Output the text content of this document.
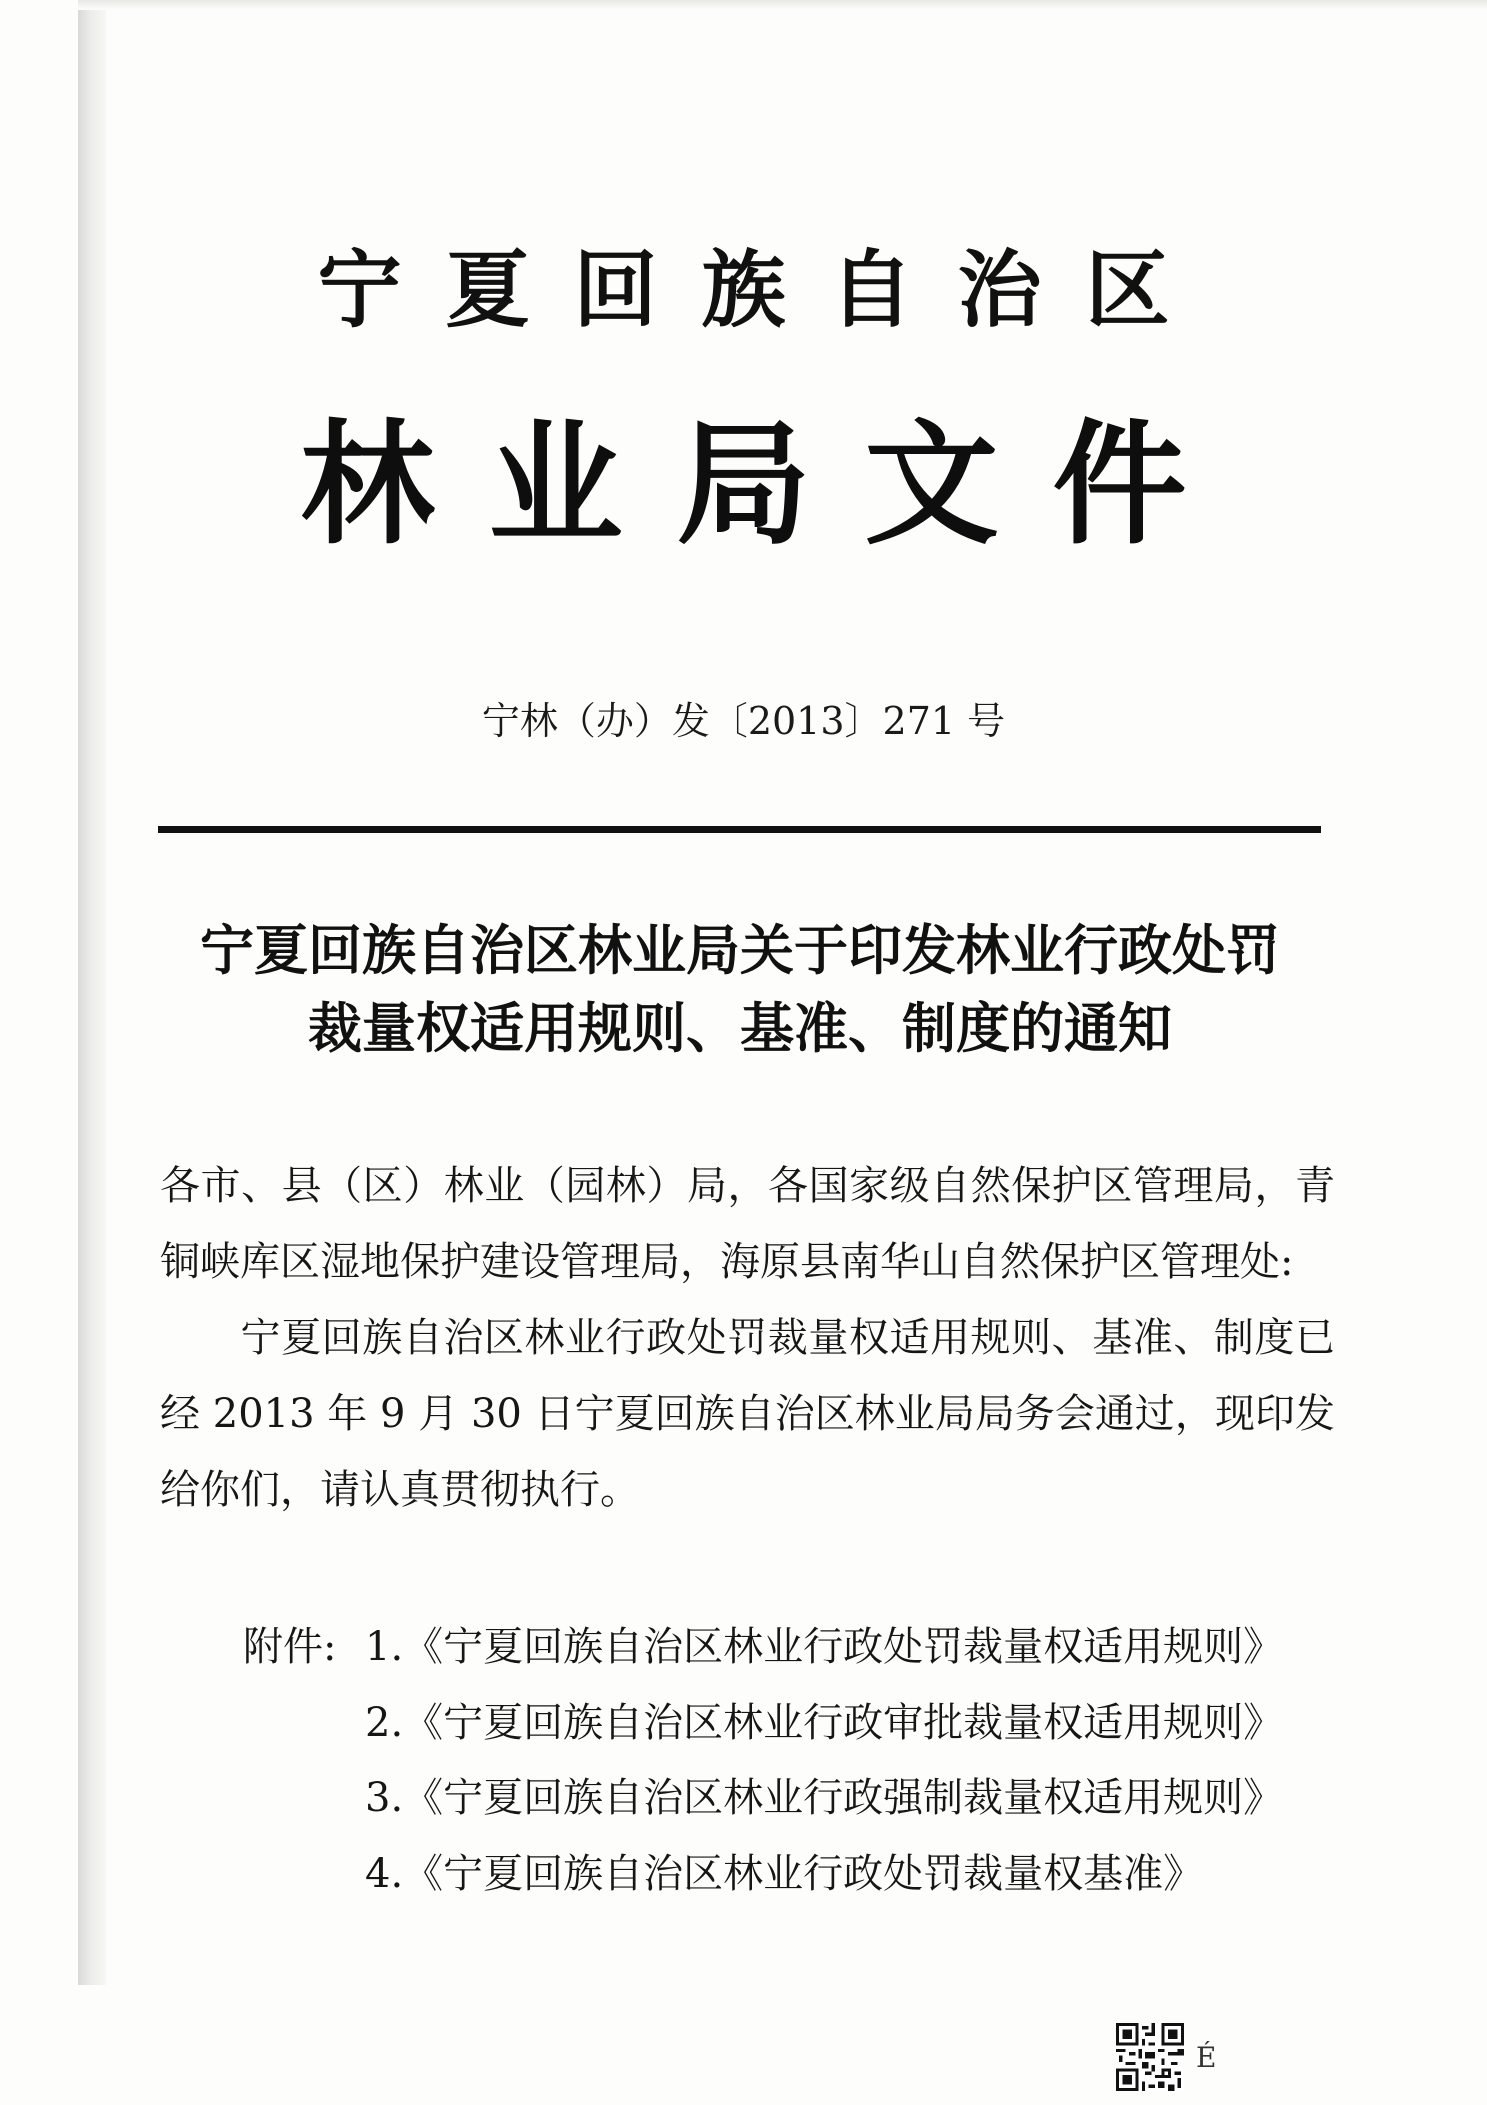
宁夏回族自治区
林业局文件
宁林（办）发〔2013〕271 号
宁夏回族自治区林业局关于印发林业行政处罚
裁量权适用规则、基准、制度的通知
各市、县（区）林业（园林）局，各国家级自然保护区管理局，青铜峡库区湿地保护建设管理局，海原县南华山自然保护区管理处:
宁夏回族自治区林业行政处罚裁量权适用规则、基准、制度已经 2013 年 9 月 30 日宁夏回族自治区林业局局务会通过，现印发给你们，请认真贯彻执行。
附件: 1.《宁夏回族自治区林业行政处罚裁量权适用规则》
2.《宁夏回族自治区林业行政审批裁量权适用规则》
3.《宁夏回族自治区林业行政强制裁量权适用规则》
4.《宁夏回族自治区林业行政处罚裁量权基准》
É
